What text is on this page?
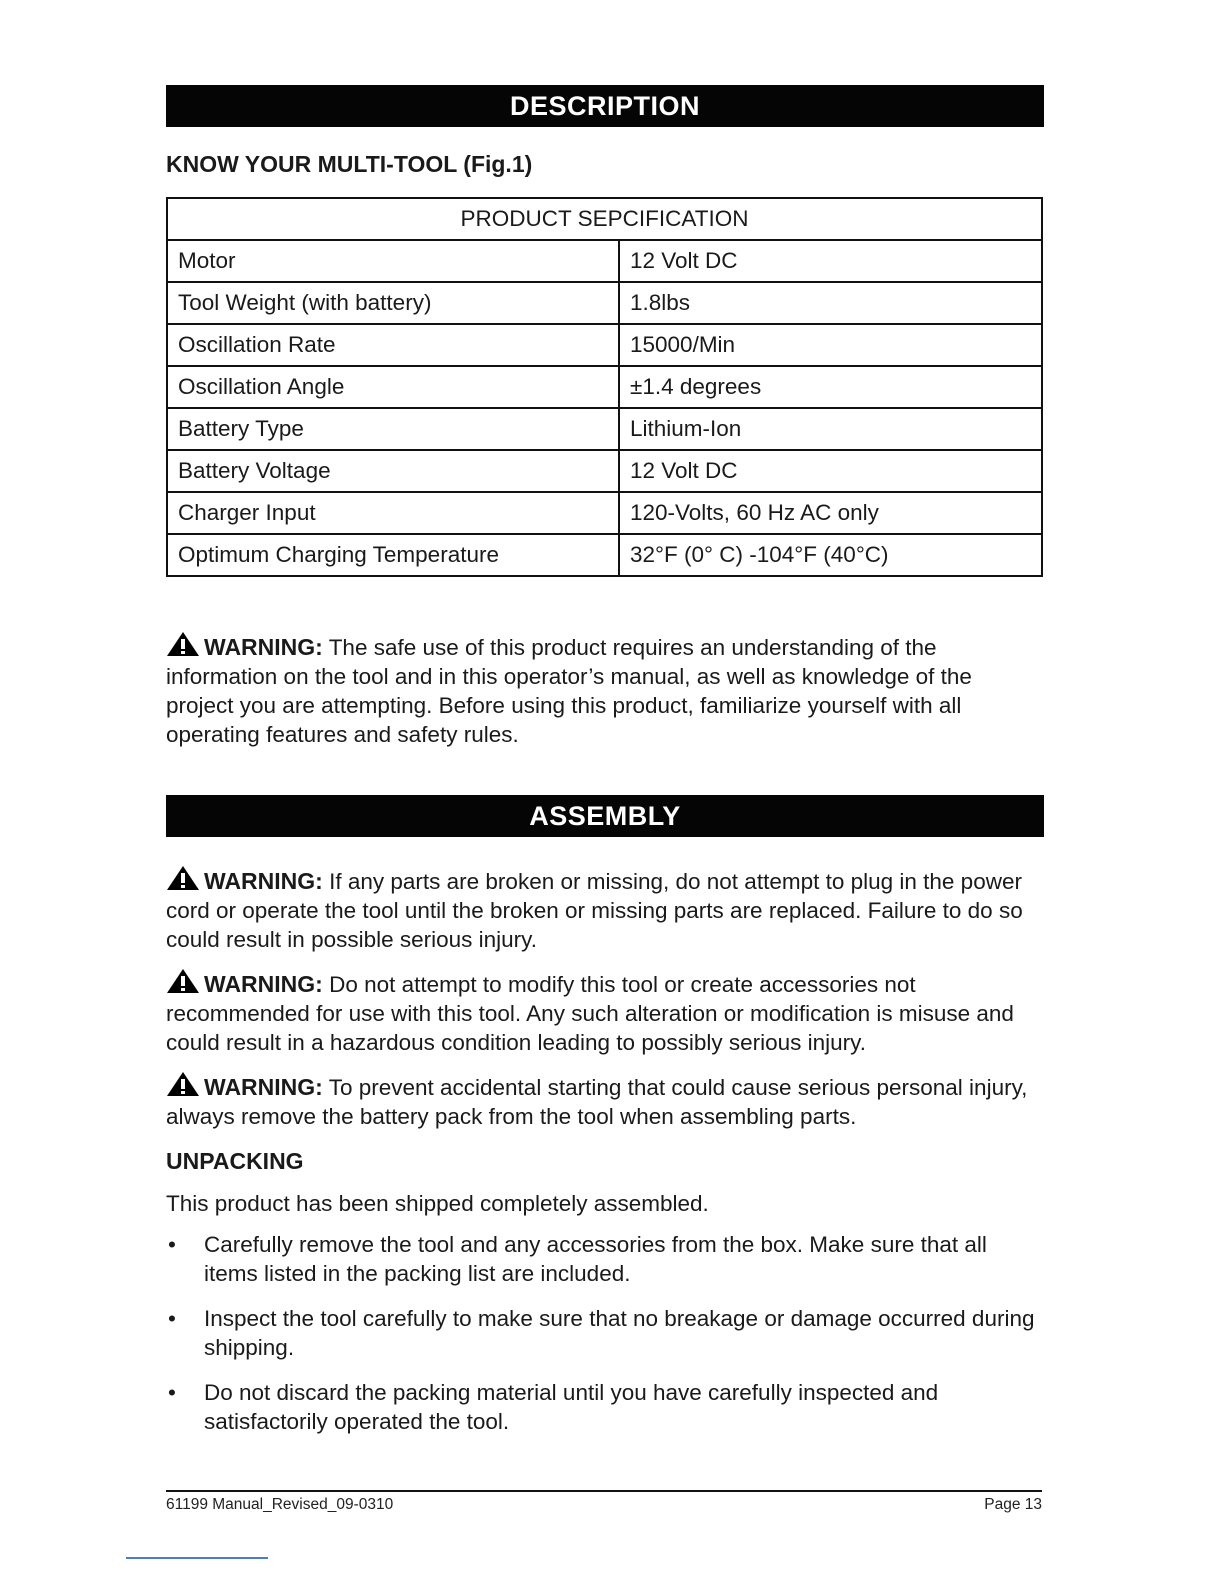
DESCRIPTION
KNOW YOUR MULTI-TOOL (Fig.1)
PRODUCT SEPCIFICATION	
Motor	12 Volt DC
Tool Weight (with battery)	1.8lbs
Oscillation Rate	15000/Min
Oscillation Angle	±1.4 degrees
Battery Type	Lithium-Ion
Battery Voltage	12 Volt DC
Charger Input	120-Volts, 60 Hz AC only
Optimum Charging Temperature	32°F (0° C) -104°F (40°C)

WARNING: The safe use of this product requires an understanding of the information on the tool and in this operator’s manual, as well as knowledge of the project you are attempting. Before using this product, familiarize yourself with all operating features and safety rules.

ASSEMBLY

WARNING: If any parts are broken or missing, do not attempt to plug in the power cord or operate the tool until the broken or missing parts are replaced. Failure to do so could result in possible serious injury.

WARNING: Do not attempt to modify this tool or create accessories not recommended for use with this tool. Any such alteration or modification is misuse and could result in a hazardous condition leading to possibly serious injury.

WARNING: To prevent accidental starting that could cause serious personal injury, always remove the battery pack from the tool when assembling parts.

UNPACKING
This product has been shipped completely assembled.
• Carefully remove the tool and any accessories from the box. Make sure that all items listed in the packing list are included.
• Inspect the tool carefully to make sure that no breakage or damage occurred during shipping.
• Do not discard the packing material until you have carefully inspected and satisfactorily operated the tool.
61199 Manual_Revised_09-0310	Page 13
